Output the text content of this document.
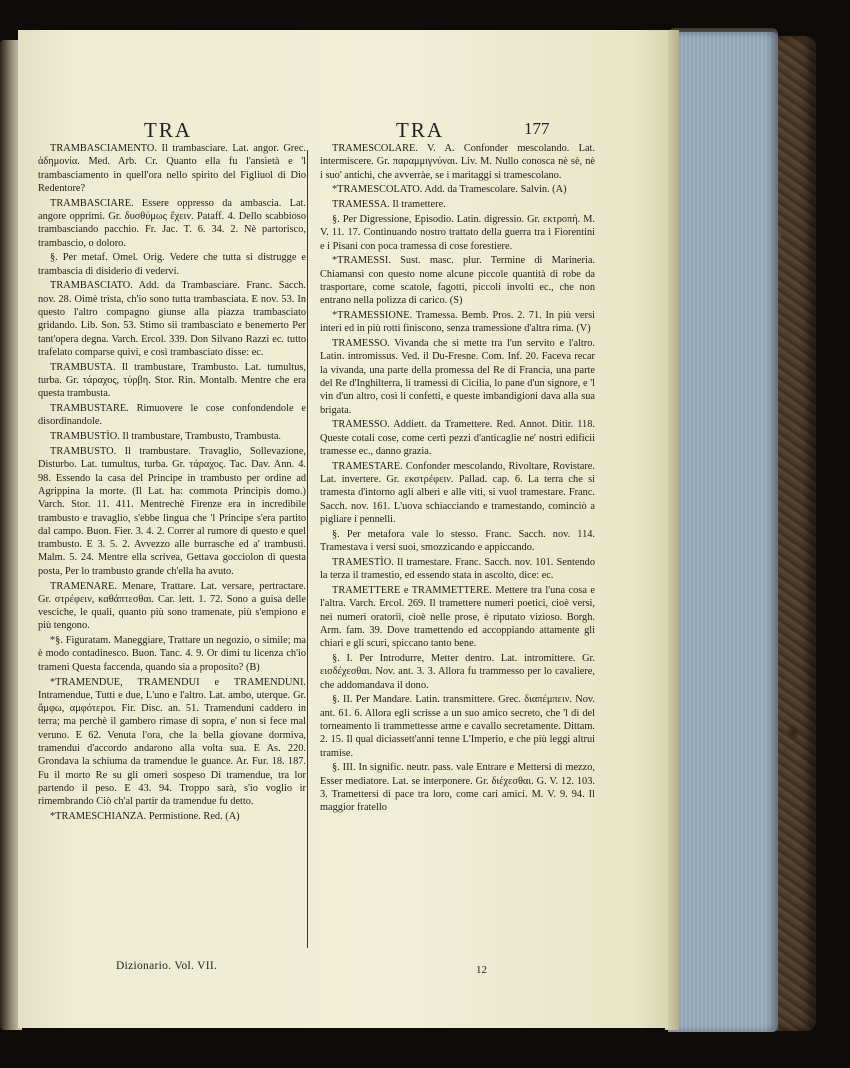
TRA	TRA	177

TRAMBASCIAMENTO. Il trambasciare. Lat. angor. Grec. ἀδημονία. Med. Arb. Cr. Quanto ella fu l'ansietà e 'l trambasciamento in quell'ora nello spirito del Figliuol di Dio Redentore?

TRAMBASCIARE. Essere oppresso da ambascia. Lat. angore opprimi. Gr. δυσθύμως ἔχειν. Pataff. 4. Dello scabbioso trambasciando pacchio. Fr. Jac. T. 6. 34. 2. Nè partorisco, trambascio, o doloro.

§. Per metaf. Omel. Orig. Vedere che tutta si distrugge e trambascia di disiderio di vederví.

TRAMBASCIATO. Add. da Trambasciare. Franc. Sacch. nov. 28. Oimè trista, ch'io sono tutta trambasciata. E nov. 53. In questo l'altro compagno giunse alla piazza trambasciato gridando. Lib. Son. 53. Stimo sii trambasciato e benemerto Per tant'opera degna. Varch. Ercol. 339. Don Silvano Razzi ec. tutto trafelato comparse quivi, e così trambasciato disse: ec.

TRAMBUSTA. Il trambustare, Trambusto. Lat. tumultus, turba. Gr. τάραχος, τύρβη. Stor. Rin. Montalb. Mentre che era questa trambusta.

TRAMBUSTARE. Rimuovere le cose confondendole e disordinandole.

TRAMBUSTÌO. Il trambustare, Trambusto, Trambusta.

TRAMBUSTO. Il trambustare. Travaglio, Sollevazione, Disturbo. Lat. tumultus, turba. Gr. τάραχος. Tac. Dav. Ann. 4. 98. Essendo la casa del Principe in trambusto per ordine ad Agrippina la morte. (Il Lat. ha: commota Principis domo.) Varch. Stor. 11. 411. Mentrechè Firenze era in incredibile trambusto e travaglio, s'ebbe lingua che 'l Principe s'era partito dal campo. Buon. Fier. 3. 4. 2. Correr al rumore di questo e quel trambusto. E 3. 5. 2. Avvezzo alle burrasche ed a' trambusti. Malm. 5. 24. Mentre ella scrivea, Gettava gocciolon di questa posta, Per lo trambusto grande ch'ella ha avuto.

TRAMENARE. Menare, Trattare. Lat. versare, pertractare. Gr. στρέφειν, καθάπτεσθαι. Car. lett. 1. 72. Sono a guisa delle vesciche, le quali, quanto più sono tramenate, più s'empiono e più tengono.

*§. Figuratam. Maneggiare, Trattare un negozio, o simile; ma è modo contadinesco. Buon. Tanc. 4. 9. Or dimi tu licenza ch'io trameni Questa faccenda, quando sia a proposito? (B)

*TRAMENDUE, TRAMENDUI e TRAMENDUNI. Intramendue, Tutti e due, L'uno e l'altro. Lat. ambo, uterque. Gr. ἄμφω, αμφότεροι. Fir. Disc. an. 51. Tramenduni caddero in terra; ma perchè il gambero rimase di sopra, e' non si fece mal veruno. E 62. Venuta l'ora, che la bella giovane dormiva, tramendui d'accordo andarono alla volta sua. E As. 220. Grondava la schiuma da tramendue le guance. Ar. Fur. 18. 187. Fu il morto Re su gli omeri sospeso Di tramendue, tra lor partendo il peso. E 43. 94. Troppo sarà, s'io voglio ir rimembrando Ciò ch'al partir da tramendue fu detto.

*TRAMESCHIANZA. Permistione. Red. (A)

TRAMESCOLARE. V. A. Confonder mescolando. Lat. intermiscere. Gr. παραμμιγνύναι. Liv. M. Nullo conosca nè sè, nè i suo' antichi, che avverràe, se i maritaggi si tramescolano.

*TRAMESCOLATO. Add. da Tramescolare. Salvin. (A)

TRAMESSA. Il tramettere.

§. Per Digressione, Episodio. Latin. digressio. Gr. εκτροπή. M. V. 11. 17. Continuando nostro trattato della guerra tra i Fiorentini e i Pisani con poca tramessa di cose forestiere.

*TRAMESSI. Sust. masc. plur. Termine di Marineria. Chiamansi con questo nome alcune piccole quantità di robe da trasportare, come scatole, fagotti, piccoli involti ec., che non entrano nella polizza di carico. (S)

*TRAMESSIONE. Tramessa. Bemb. Pros. 2. 71. In più versi interi ed in più rotti finiscono, senza tramessione d'altra rima. (V)

TRAMESSO. Vivanda che si mette tra l'un servito e l'altro. Latin. intromissus. Ved. il Du-Fresne. Com. Inf. 20. Faceva recar la vivanda, una parte della promessa del Re di Francia, una parte del Re d'Inghilterra, li tramessi di Cicilia, lo pane d'un signore, e 'l vin d'un altro, così li confetti, e queste imbandigioni dava alla sua brigata.

TRAMESSO. Addiett. da Tramettere. Red. Annot. Ditir. 118. Queste cotali cose, come certi pezzi d'anticaglie ne' nostri edificii tramesse ec., danno grazia.

TRAMESTARE. Confonder mescolando, Rivoltare, Rovistare. Lat. invertere. Gr. εκστρέφειν. Pallad. cap. 6. La terra che si tramesta d'intorno agli alberi e alle viti, si vuol tramestare. Franc. Sacch. nov. 161. L'uova schiacciando e tramestando, cominciò a pigliare i pennelli.

§. Per metafora vale lo stesso. Franc. Sacch. nov. 114. Tramestava i versi suoi, smozzicando e appiccando.

TRAMESTÌO. Il tramestare. Franc. Sacch. nov. 101. Sentendo la terza il tramestìo, ed essendo stata in ascolto, dice: ec.

TRAMETTERE e TRAMMETTERE. Mettere tra l'una cosa e l'altra. Varch. Ercol. 269. Il tramettere numeri poetici, cioè versi, nei numeri oratorii, cioè nelle prose, è riputato vizioso. Borgh. Arm. fam. 39. Dove tramettendo ed accoppiando attamente gli chiari e gli scuri, spiccano tanto bene.

§. I. Per Introdurre, Metter dentro. Lat. intromittere. Gr. εισδέχεσθαι. Nov. ant. 3. 3. Allora fu trammesso per lo cavaliere, che addomandava il dono.

§. II. Per Mandare. Latin. transmittere. Grec. διαπέμπειν. Nov. ant. 61. 6. Allora egli scrisse a un suo amico secreto, che 'l dì del torneamento li trammettesse arme e cavallo secretamente. Dittam. 2. 15. Il qual diciassett'anni tenne L'Imperio, e che più leggi altrui tramise.

§. III. In signific. neutr. pass. vale Entrare e Mettersi di mezzo, Esser mediatore. Lat. se interponere. Gr. διέχεσθαι. G. V. 12. 103. 3. Tramettersi di pace tra loro, come cari amici. M. V. 9. 94. Il maggior fratello

Dizionario. Vol. VII.	12
